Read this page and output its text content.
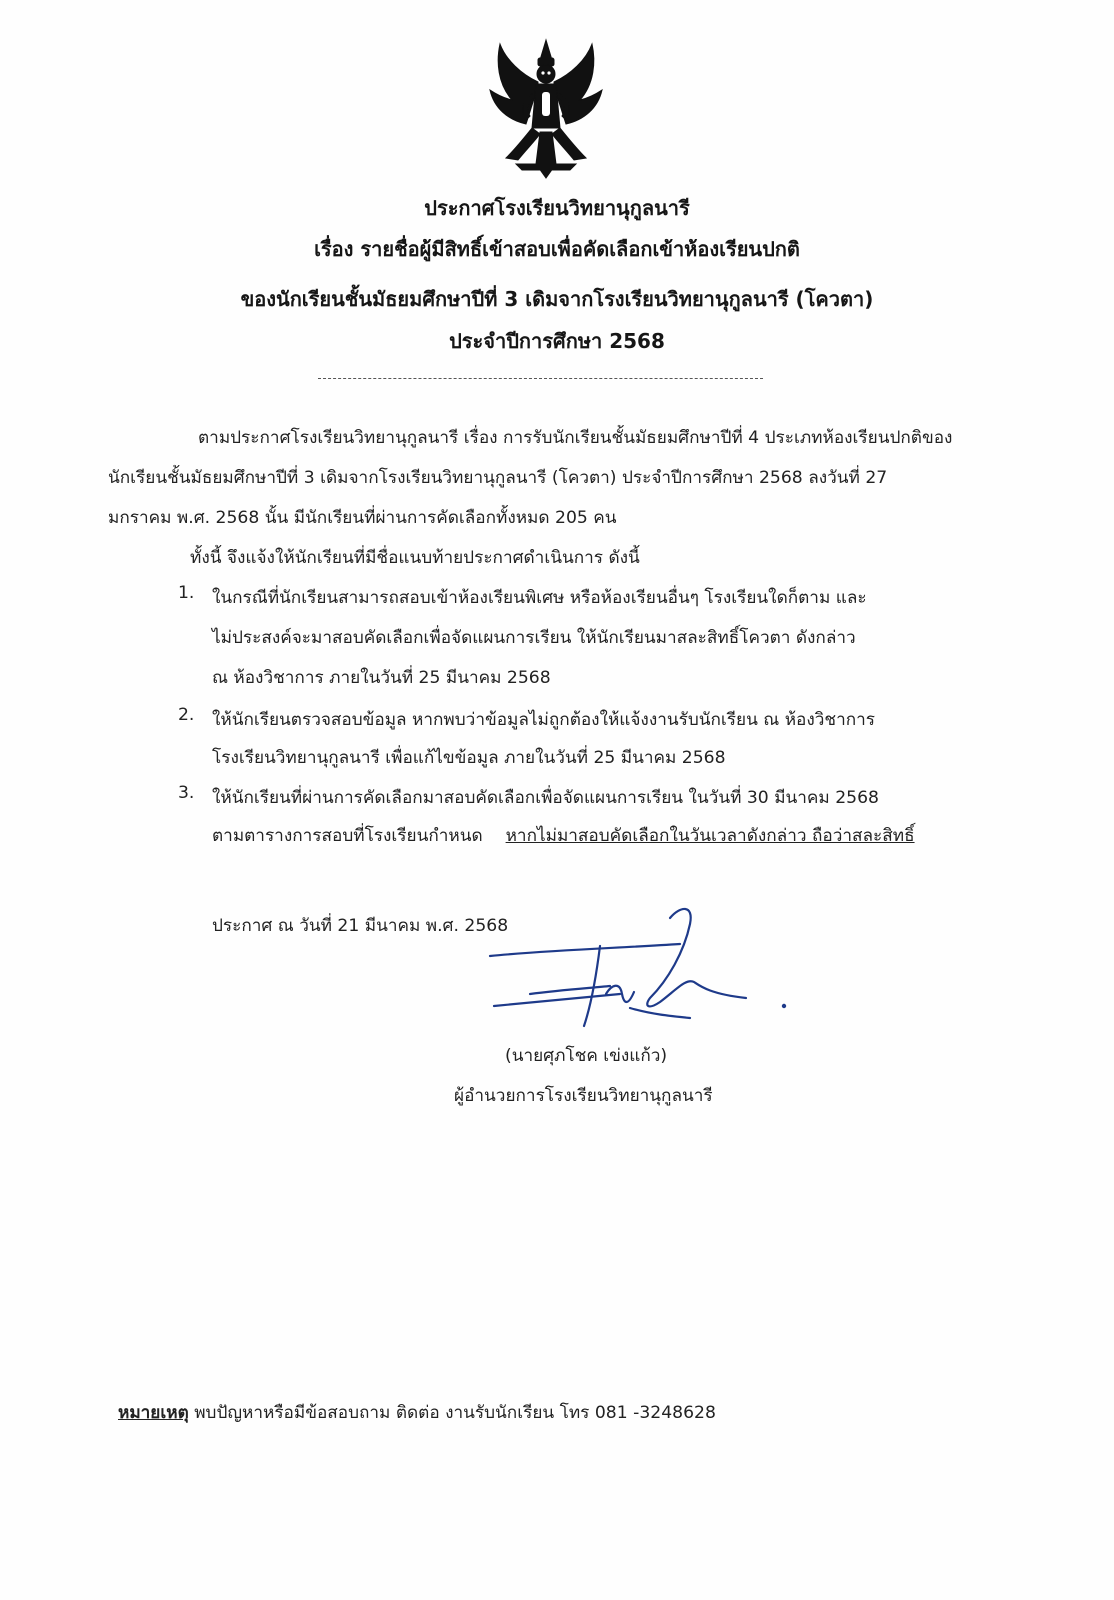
ประกาศโรงเรียนวิทยานุกูลนารี
เรื่อง รายชื่อผู้มีสิทธิ์เข้าสอบเพื่อคัดเลือกเข้าห้องเรียนปกติ
ของนักเรียนชั้นมัธยมศึกษาปีที่ 3 เดิมจากโรงเรียนวิทยานุกูลนารี (โควตา)
ประจำปีการศึกษา 2568
ตามประกาศโรงเรียนวิทยานุกูลนารี เรื่อง การรับนักเรียนชั้นมัธยมศึกษาปีที่ 4 ประเภทห้องเรียนปกติของ
นักเรียนชั้นมัธยมศึกษาปีที่ 3 เดิมจากโรงเรียนวิทยานุกูลนารี (โควตา) ประจำปีการศึกษา 2568 ลงวันที่ 27
มกราคม พ.ศ. 2568 นั้น มีนักเรียนที่ผ่านการคัดเลือกทั้งหมด 205 คน
ทั้งนี้ จึงแจ้งให้นักเรียนที่มีชื่อแนบท้ายประกาศดำเนินการ ดังนี้
1. ในกรณีที่นักเรียนสามารถสอบเข้าห้องเรียนพิเศษ หรือห้องเรียนอื่นๆ โรงเรียนใดก็ตาม และ
ไม่ประสงค์จะมาสอบคัดเลือกเพื่อจัดแผนการเรียน ให้นักเรียนมาสละสิทธิ์โควตา ดังกล่าว
ณ ห้องวิชาการ ภายในวันที่ 25 มีนาคม 2568
2. ให้นักเรียนตรวจสอบข้อมูล หากพบว่าข้อมูลไม่ถูกต้องให้แจ้งงานรับนักเรียน ณ ห้องวิชาการ
โรงเรียนวิทยานุกูลนารี เพื่อแก้ไขข้อมูล ภายในวันที่ 25 มีนาคม 2568
3. ให้นักเรียนที่ผ่านการคัดเลือกมาสอบคัดเลือกเพื่อจัดแผนการเรียน ในวันที่ 30 มีนาคม 2568
ตามตารางการสอบที่โรงเรียนกำหนด หากไม่มาสอบคัดเลือกในวันเวลาดังกล่าว ถือว่าสละสิทธิ์
ประกาศ ณ วันที่ 21 มีนาคม พ.ศ. 2568
(นายศุภโชค เข่งแก้ว)
ผู้อำนวยการโรงเรียนวิทยานุกูลนารี
หมายเหตุ พบปัญหาหรือมีข้อสอบถาม ติดต่อ งานรับนักเรียน โทร 081 -3248628
